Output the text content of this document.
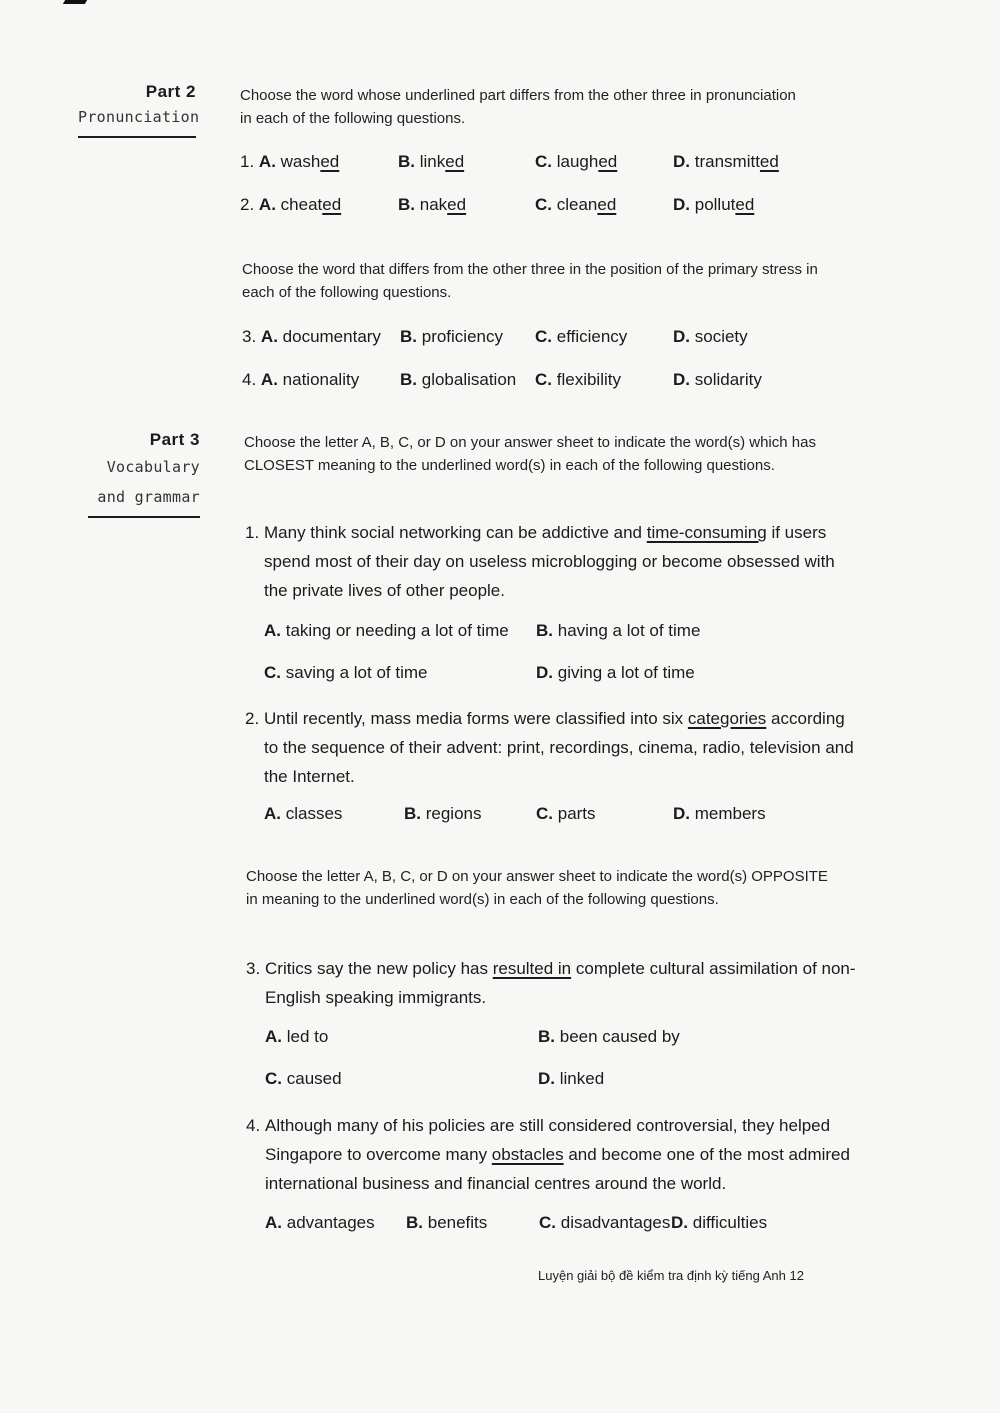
Part 2
Pronunciation
Choose the word whose underlined part differs from the other three in pronunciation in each of the following questions.
1. A. washed	B. linked	C. laughed	D. transmitted
2. A. cheated	B. naked	C. cleaned	D. polluted
Choose the word that differs from the other three in the position of the primary stress in each of the following questions.
3. A. documentary B. proficiency C. efficiency	D. society
4. A. nationality B. globalisation C. flexibility	D. solidarity
Part 3
Vocabulary
and grammar
Choose the letter A, B, C, or D on your answer sheet to indicate the word(s) which has CLOSEST meaning to the underlined word(s) in each of the following questions.
1. Many think social networking can be addictive and time-consuming if users spend most of their day on useless microblogging or become obsessed with the private lives of other people.
A. taking or needing a lot of time B. having a lot of time
C. saving a lot of time	D. giving a lot of time
2. Until recently, mass media forms were classified into six categories according to the sequence of their advent: print, recordings, cinema, radio, television and the Internet.
A. classes	B. regions	C. parts	D. members
Choose the letter A, B, C, or D on your answer sheet to indicate the word(s) OPPOSITE in meaning to the underlined word(s) in each of the following questions.
3. Critics say the new policy has resulted in complete cultural assimilation of non-English speaking immigrants.
A. led to	B. been caused by
C. caused	D. linked
4. Although many of his policies are still considered controversial, they helped Singapore to overcome many obstacles and become one of the most admired international business and financial centres around the world.
A. advantages B. benefits	C. disadvantages D. difficulties
Luyện giải bộ đề kiểm tra định kỳ tiếng Anh 12
